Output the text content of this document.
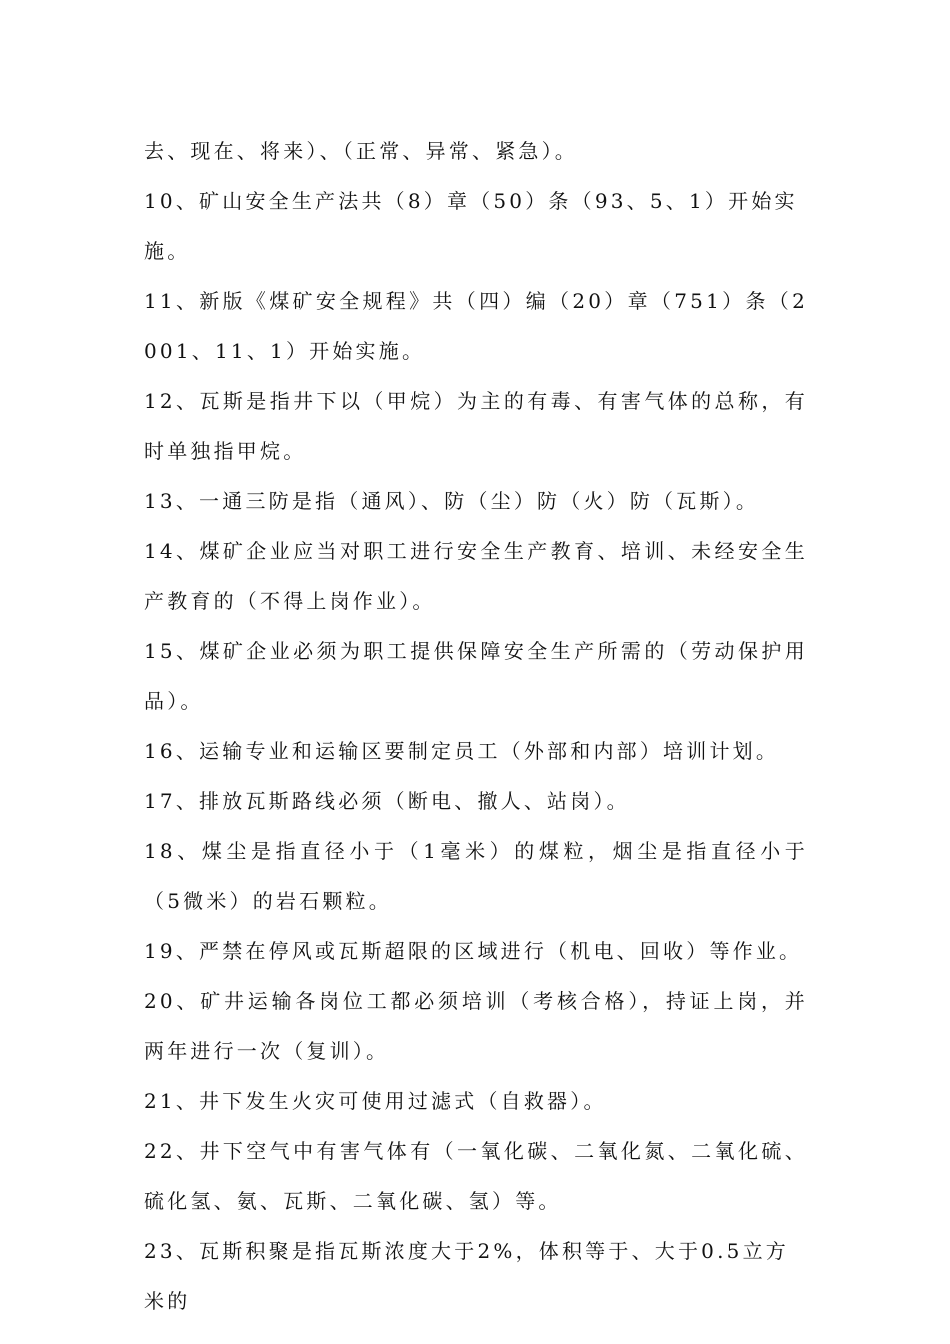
去、现在、将来）、（正常、异常、紧急）。

10、矿山安全生产法共（8）章（50）条（93、5、1）开始实施。

11、新版《煤矿安全规程》共（四）编（20）章（751）条（2001、11、1）开始实施。

12、瓦斯是指井下以（甲烷）为主的有毒、有害气体的总称，有时单独指甲烷。

13、一通三防是指（通风）、防（尘）防（火）防（瓦斯）。

14、煤矿企业应当对职工进行安全生产教育、培训、未经安全生产教育的（不得上岗作业）。

15、煤矿企业必须为职工提供保障安全生产所需的（劳动保护用品）。

16、运输专业和运输区要制定员工（外部和内部）培训计划。

17、排放瓦斯路线必须（断电、撤人、站岗）。

18、煤尘是指直径小于（1毫米）的煤粒，烟尘是指直径小于（5微米）的岩石颗粒。

19、严禁在停风或瓦斯超限的区域进行（机电、回收）等作业。

20、矿井运输各岗位工都必须培训（考核合格），持证上岗，并两年进行一次（复训）。

21、井下发生火灾可使用过滤式（自救器）。

22、井下空气中有害气体有（一氧化碳、二氧化氮、二氧化硫、硫化氢、氨、瓦斯、二氧化碳、氢）等。

23、瓦斯积聚是指瓦斯浓度大于2%，体积等于、大于0.5立方米的
